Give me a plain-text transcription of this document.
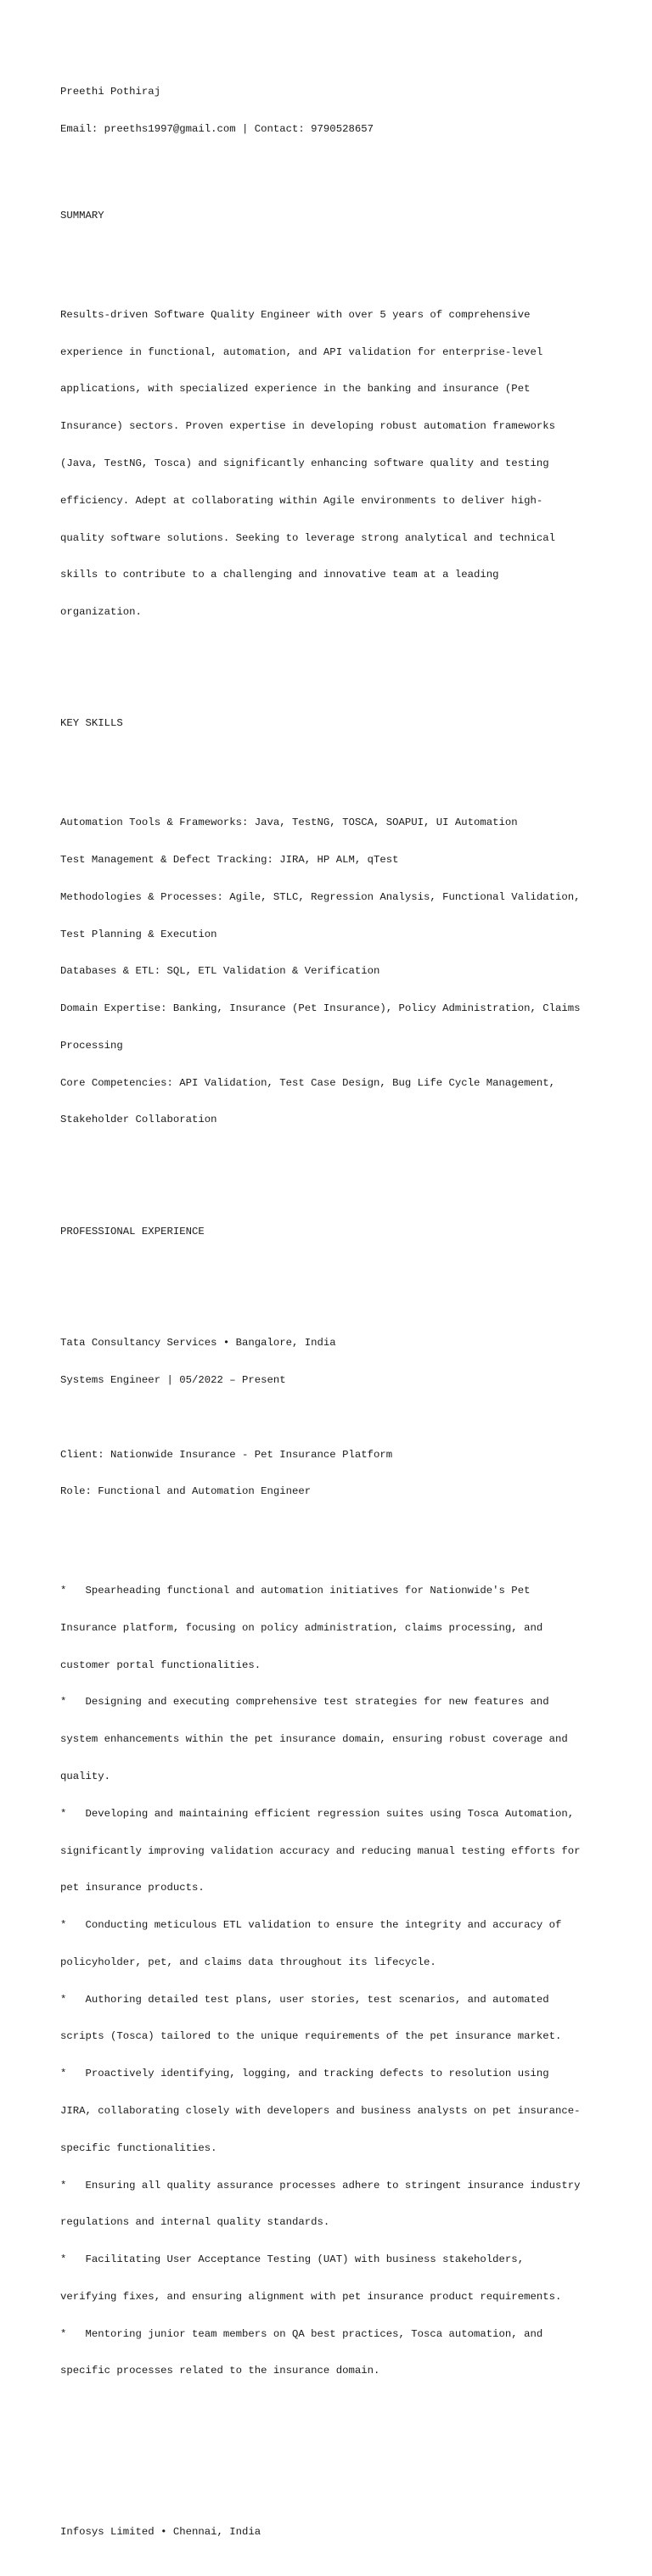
Preethi Pothiraj

Email: preeths1997@gmail.com | Contact: 9790528657

SUMMARY

Results-driven Software Quality Engineer with over 5 years of comprehensive

experience in functional, automation, and API validation for enterprise-level

applications, with specialized experience in the banking and insurance (Pet

Insurance) sectors. Proven expertise in developing robust automation frameworks

(Java, TestNG, Tosca) and significantly enhancing software quality and testing

efficiency. Adept at collaborating within Agile environments to deliver high-

quality software solutions. Seeking to leverage strong analytical and technical

skills to contribute to a challenging and innovative team at a leading

organization.

KEY SKILLS

Automation Tools & Frameworks: Java, TestNG, TOSCA, SOAPUI, UI Automation

Test Management & Defect Tracking: JIRA, HP ALM, qTest

Methodologies & Processes: Agile, STLC, Regression Analysis, Functional Validation,

Test Planning & Execution

Databases & ETL: SQL, ETL Validation & Verification

Domain Expertise: Banking, Insurance (Pet Insurance), Policy Administration, Claims

Processing

Core Competencies: API Validation, Test Case Design, Bug Life Cycle Management,

Stakeholder Collaboration

PROFESSIONAL EXPERIENCE

Tata Consultancy Services • Bangalore, India

Systems Engineer | 05/2022 – Present

Client: Nationwide Insurance - Pet Insurance Platform

Role: Functional and Automation Engineer

*   Spearheading functional and automation initiatives for Nationwide's Pet

Insurance platform, focusing on policy administration, claims processing, and

customer portal functionalities.

*   Designing and executing comprehensive test strategies for new features and

system enhancements within the pet insurance domain, ensuring robust coverage and

quality.

*   Developing and maintaining efficient regression suites using Tosca Automation,

significantly improving validation accuracy and reducing manual testing efforts for

pet insurance products.

*   Conducting meticulous ETL validation to ensure the integrity and accuracy of

policyholder, pet, and claims data throughout its lifecycle.

*   Authoring detailed test plans, user stories, test scenarios, and automated

scripts (Tosca) tailored to the unique requirements of the pet insurance market.

*   Proactively identifying, logging, and tracking defects to resolution using

JIRA, collaborating closely with developers and business analysts on pet insurance-

specific functionalities.

*   Ensuring all quality assurance processes adhere to stringent insurance industry

regulations and internal quality standards.

*   Facilitating User Acceptance Testing (UAT) with business stakeholders,

verifying fixes, and ensuring alignment with pet insurance product requirements.

*   Mentoring junior team members on QA best practices, Tosca automation, and

specific processes related to the insurance domain.

Infosys Limited • Chennai, India
